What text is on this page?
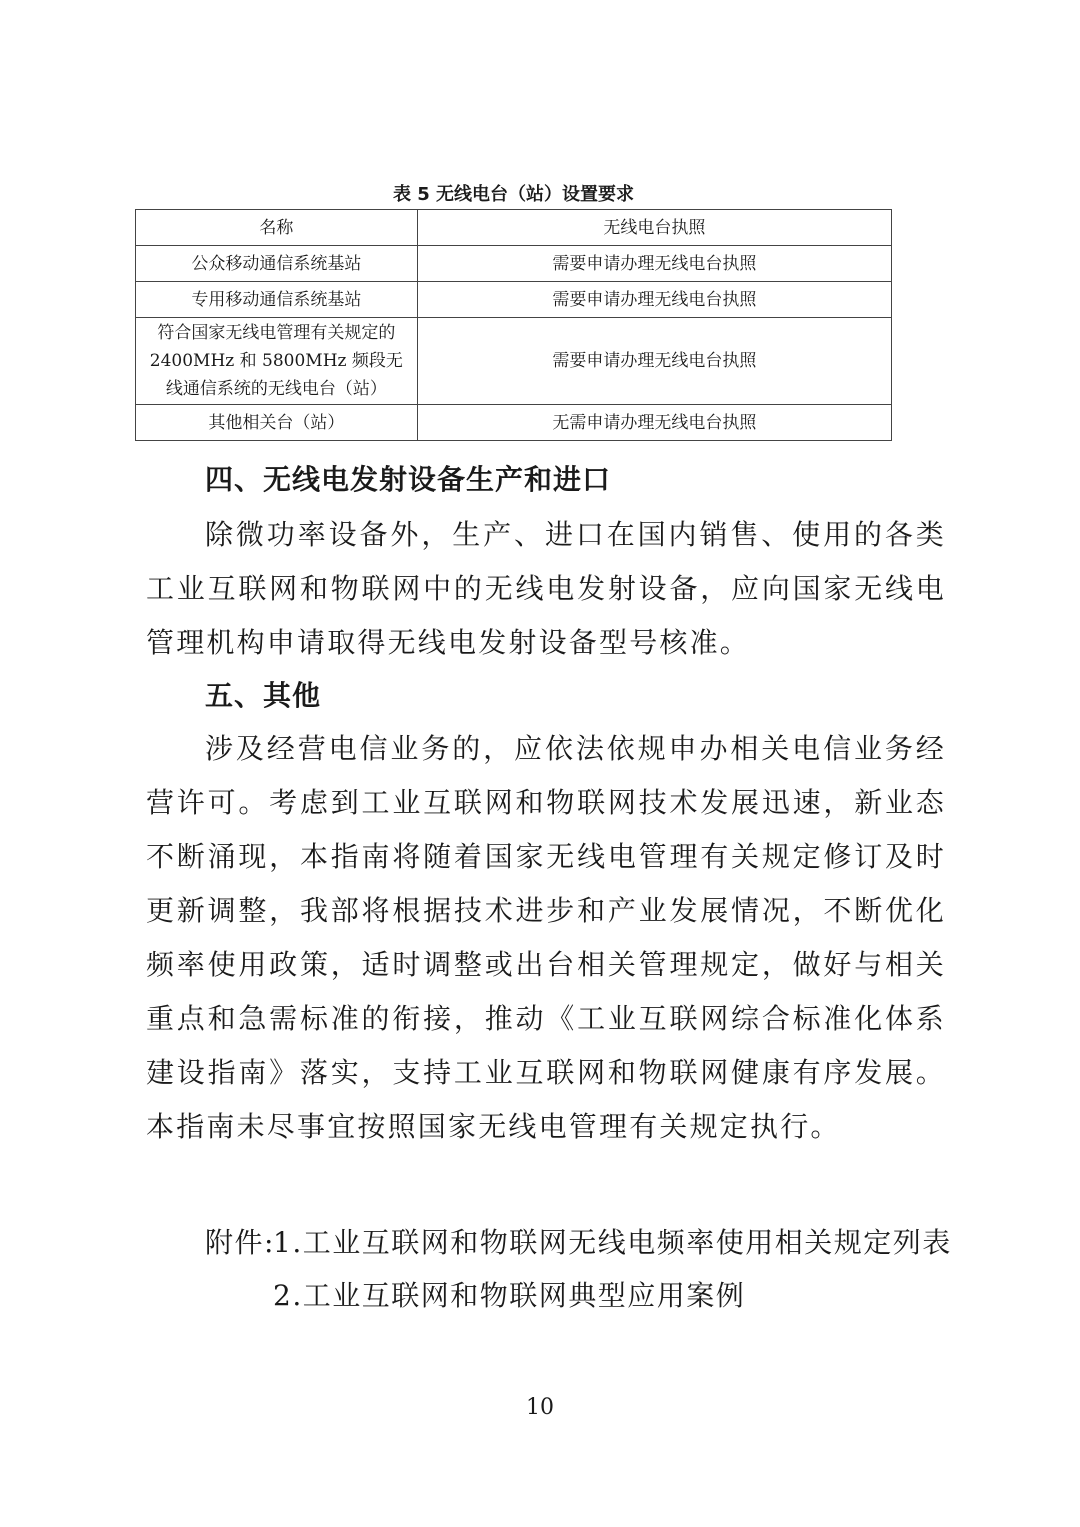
表 5 无线电台（站）设置要求
名称	无线电台执照
公众移动通信系统基站	需要申请办理无线电台执照
专用移动通信系统基站	需要申请办理无线电台执照
符合国家无线电管理有关规定的 2400MHz 和 5800MHz 频段无线通信系统的无线电台（站）	需要申请办理无线电台执照
其他相关台（站）	无需申请办理无线电台执照
四、无线电发射设备生产和进口
除微功率设备外，生产、进口在国内销售、使用的各类工业互联网和物联网中的无线电发射设备，应向国家无线电管理机构申请取得无线电发射设备型号核准。
五、其他
涉及经营电信业务的，应依法依规申办相关电信业务经营许可。考虑到工业互联网和物联网技术发展迅速，新业态不断涌现，本指南将随着国家无线电管理有关规定修订及时更新调整，我部将根据技术进步和产业发展情况，不断优化频率使用政策，适时调整或出台相关管理规定，做好与相关重点和急需标准的衔接，推动《工业互联网综合标准化体系建设指南》落实，支持工业互联网和物联网健康有序发展。本指南未尽事宜按照国家无线电管理有关规定执行。
附件:
1.工业互联网和物联网无线电频率使用相关规定列表
2.工业互联网和物联网典型应用案例
10
